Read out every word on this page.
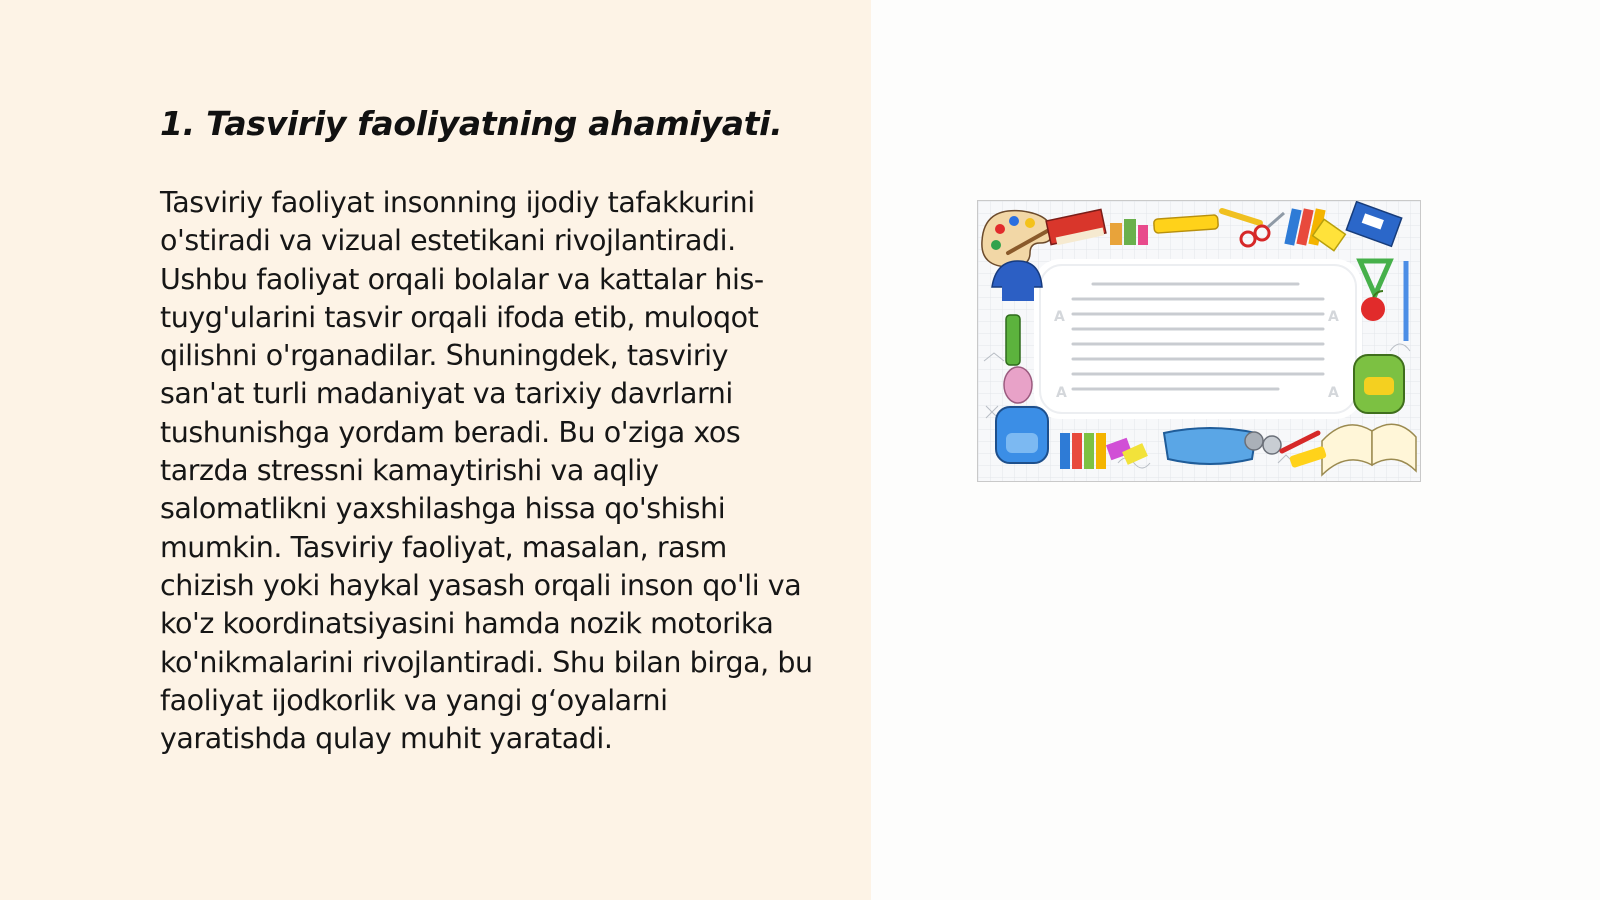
1. Tasviriy faoliyatning ahamiyati.

Tasviriy faoliyat insonning ijodiy tafakkurini o'stiradi va vizual estetikani rivojlantiradi. Ushbu faoliyat orqali bolalar va kattalar his-tuyg'ularini tasvir orqali ifoda etib, muloqot qilishni o'rganadilar. Shuningdek, tasviriy san'at turli madaniyat va tarixiy davrlarni tushunishga yordam beradi. Bu o'ziga xos tarzda stressni kamaytirishi va aqliy salomatlikni yaxshilashga hissa qo'shishi mumkin. Tasviriy faoliyat, masalan, rasm chizish yoki haykal yasash orqali inson qo'li va ko'z koordinatsiyasini hamda nozik motorika ko'nikmalarini rivojlantiradi. Shu bilan birga, bu faoliyat ijodkorlik va yangi g‘oyalarni yaratishda qulay muhit yaratadi.

A	A
A	A
